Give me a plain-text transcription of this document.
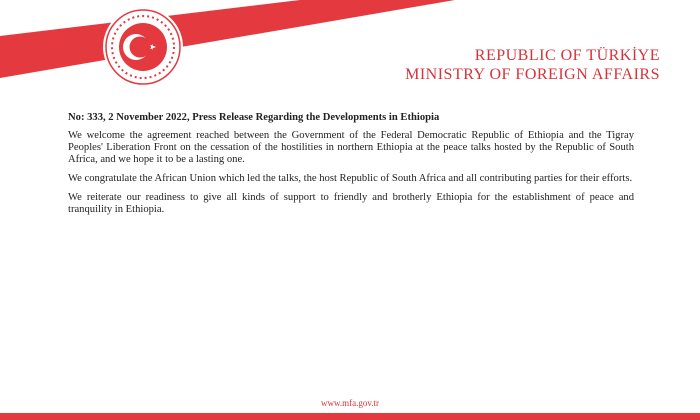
REPUBLIC OF TÜRKİYE
MINISTRY OF FOREIGN AFFAIRS

No: 333, 2 November 2022, Press Release Regarding the Developments in Ethiopia

We welcome the agreement reached between the Government of the Federal Democratic Republic of Ethiopia and the Tigray Peoples' Liberation Front on the cessation of the hostilities in northern Ethiopia at the peace talks hosted by the Republic of South Africa, and we hope it to be a lasting one.

We congratulate the African Union which led the talks, the host Republic of South Africa and all contributing parties for their efforts.

We reiterate our readiness to give all kinds of support to friendly and brotherly Ethiopia for the establishment of peace and tranquility in Ethiopia.

www.mfa.gov.tr
